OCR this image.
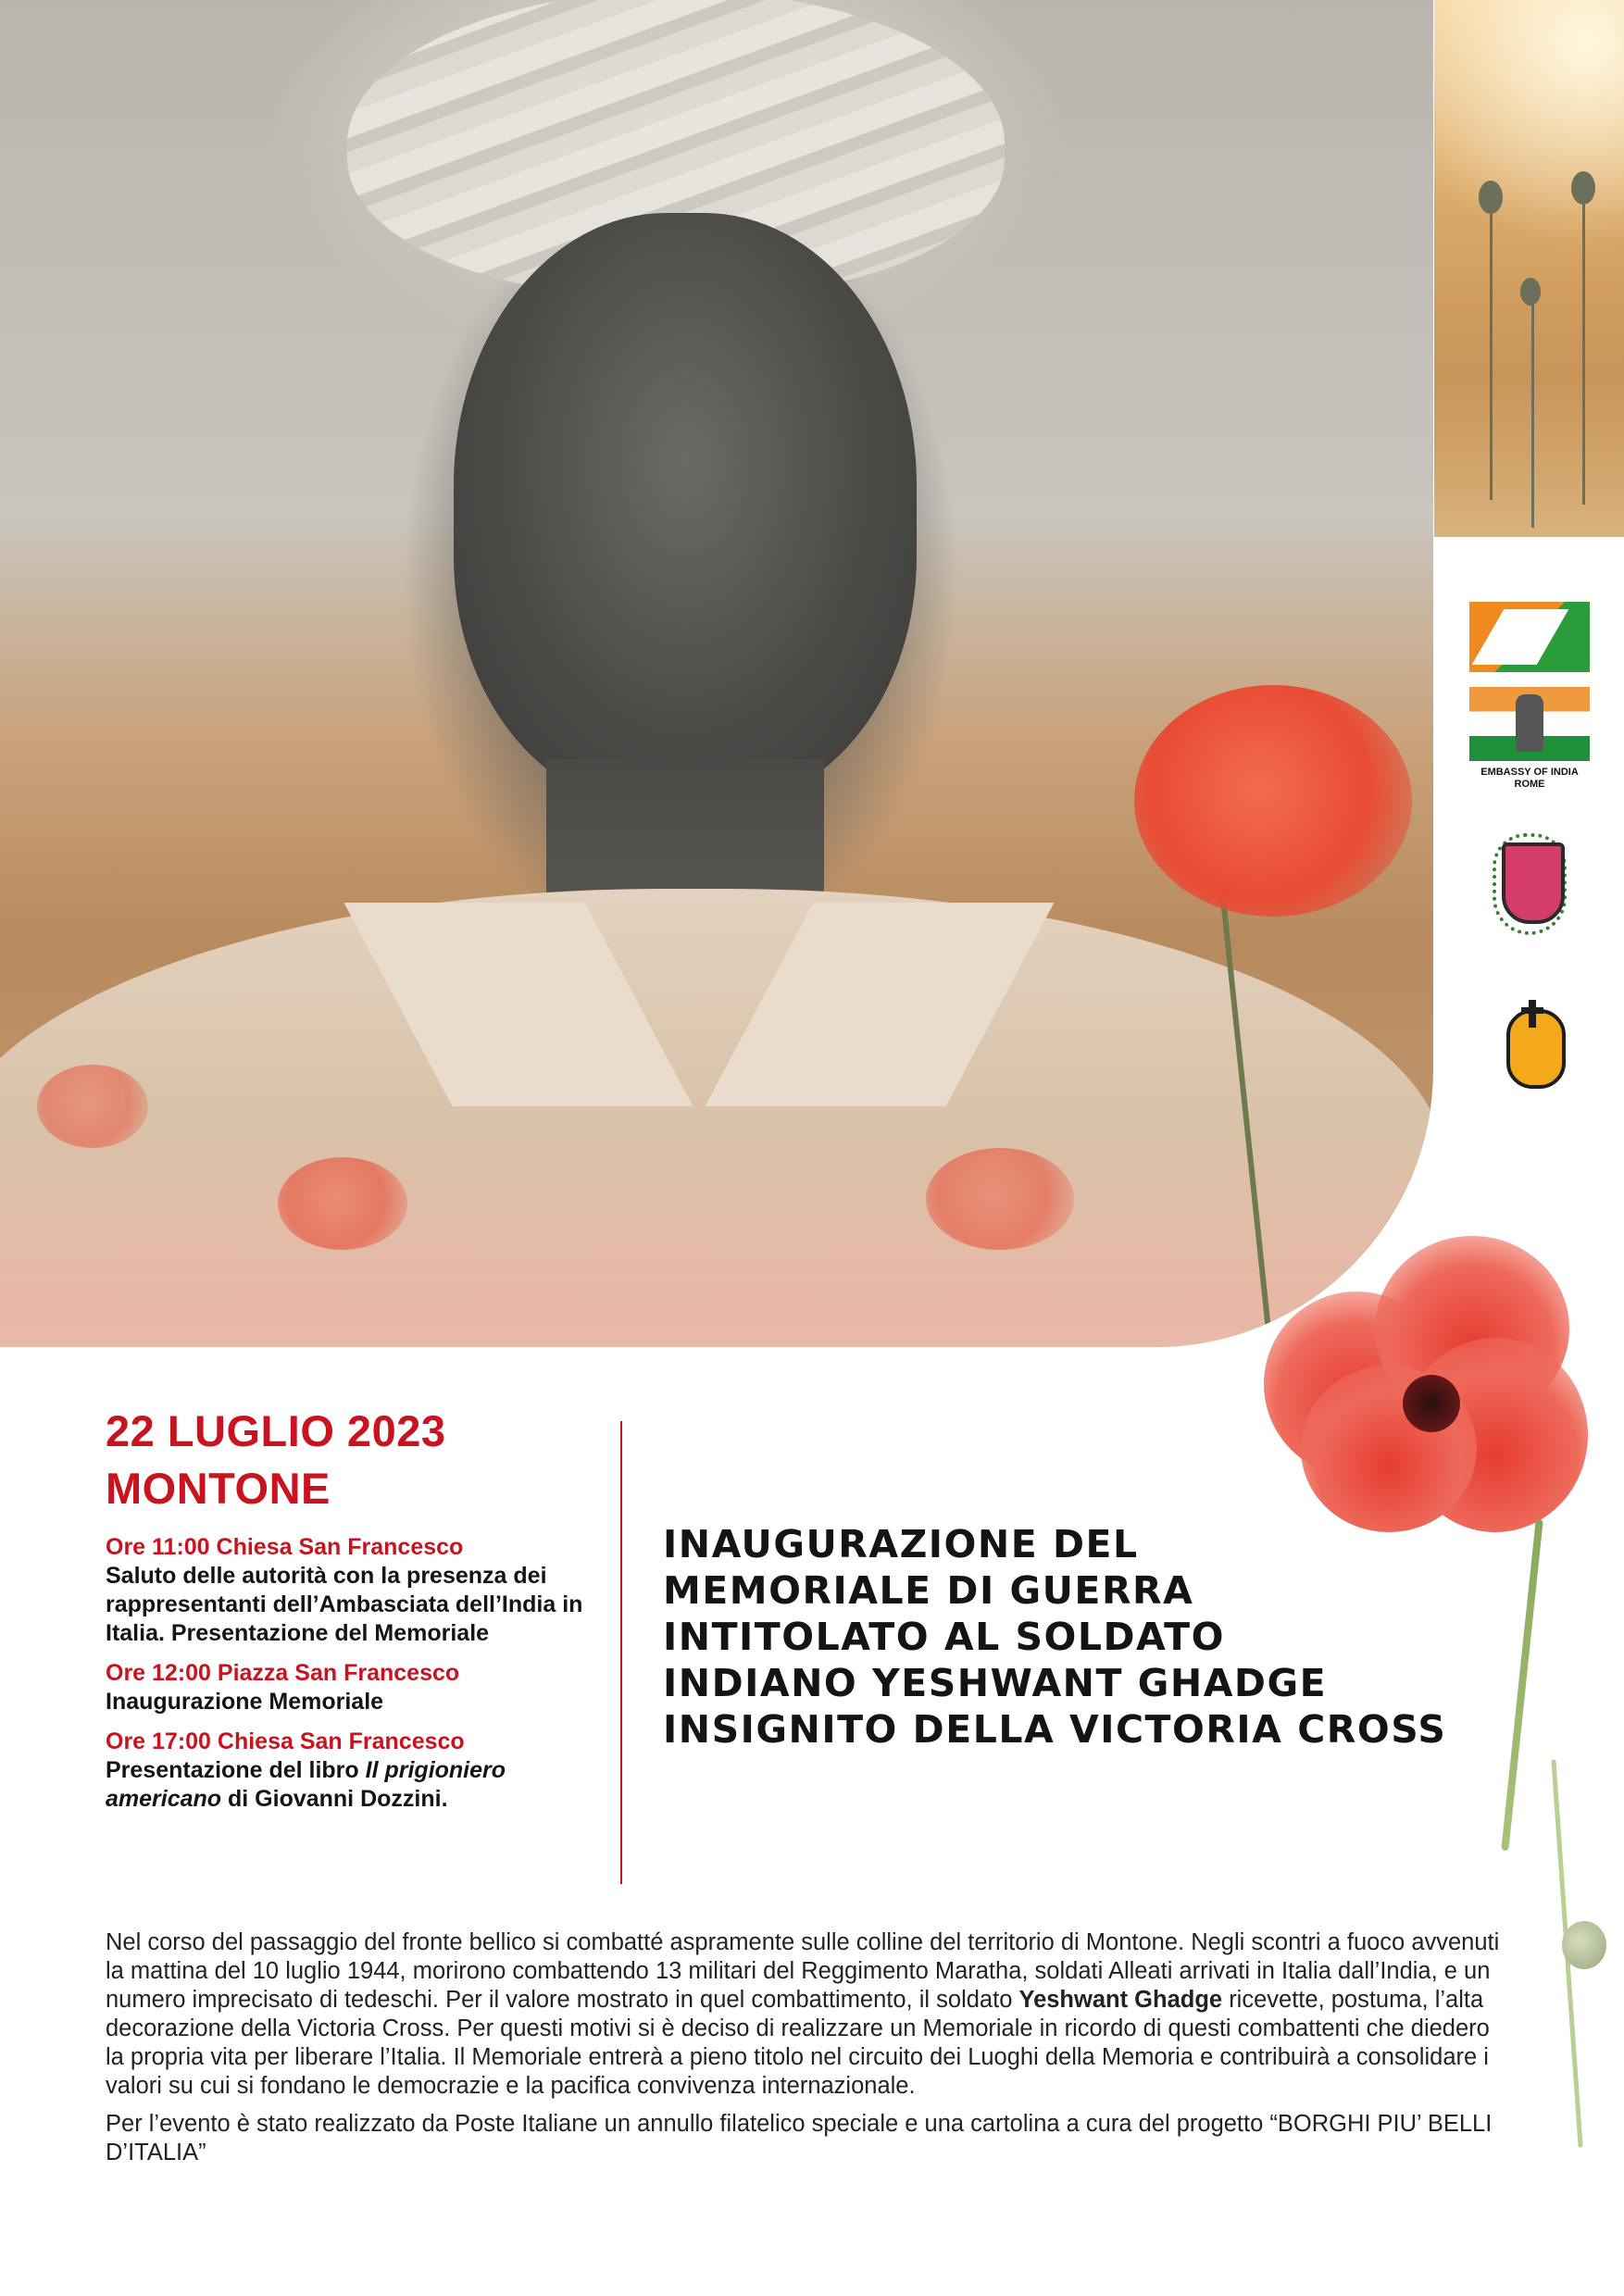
EMBASSY OF INDIA
ROME
22 LUGLIO 2023
MONTONE
Ore 11:00 Chiesa San Francesco
Saluto delle autorità con la presenza dei rappresentanti dell’Ambasciata dell’India in Italia. Presentazione del Memoriale
Ore 12:00 Piazza San Francesco
Inaugurazione Memoriale
Ore 17:00 Chiesa San Francesco
Presentazione del libro Il prigioniero americano di Giovanni Dozzini.
INAUGURAZIONE DEL
MEMORIALE DI GUERRA
INTITOLATO AL SOLDATO
INDIANO YESHWANT GHADGE
INSIGNITO DELLA VICTORIA CROSS

Nel corso del passaggio del fronte bellico si combatté aspramente sulle colline del territorio di Montone. Negli scontri a fuoco avvenuti la mattina del 10 luglio 1944, morirono combattendo 13 militari del Reggimento Maratha, soldati Alleati arrivati in Italia dall’India, e un numero imprecisato di tedeschi. Per il valore mostrato in quel combattimento, il soldato Yeshwant Ghadge ricevette, postuma, l’alta decorazione della Victoria Cross. Per questi motivi si è deciso di realizzare un Memoriale in ricordo di questi combattenti che diedero la propria vita per liberare l’Italia. Il Memoriale entrerà a pieno titolo nel circuito dei Luoghi della Memoria e contribuirà a consolidare i valori su cui si fondano le democrazie e la pacifica convivenza internazionale.

Per l’evento è stato realizzato da Poste Italiane un annullo filatelico speciale e una cartolina a cura del progetto “BORGHI PIU’ BELLI D’ITALIA”
